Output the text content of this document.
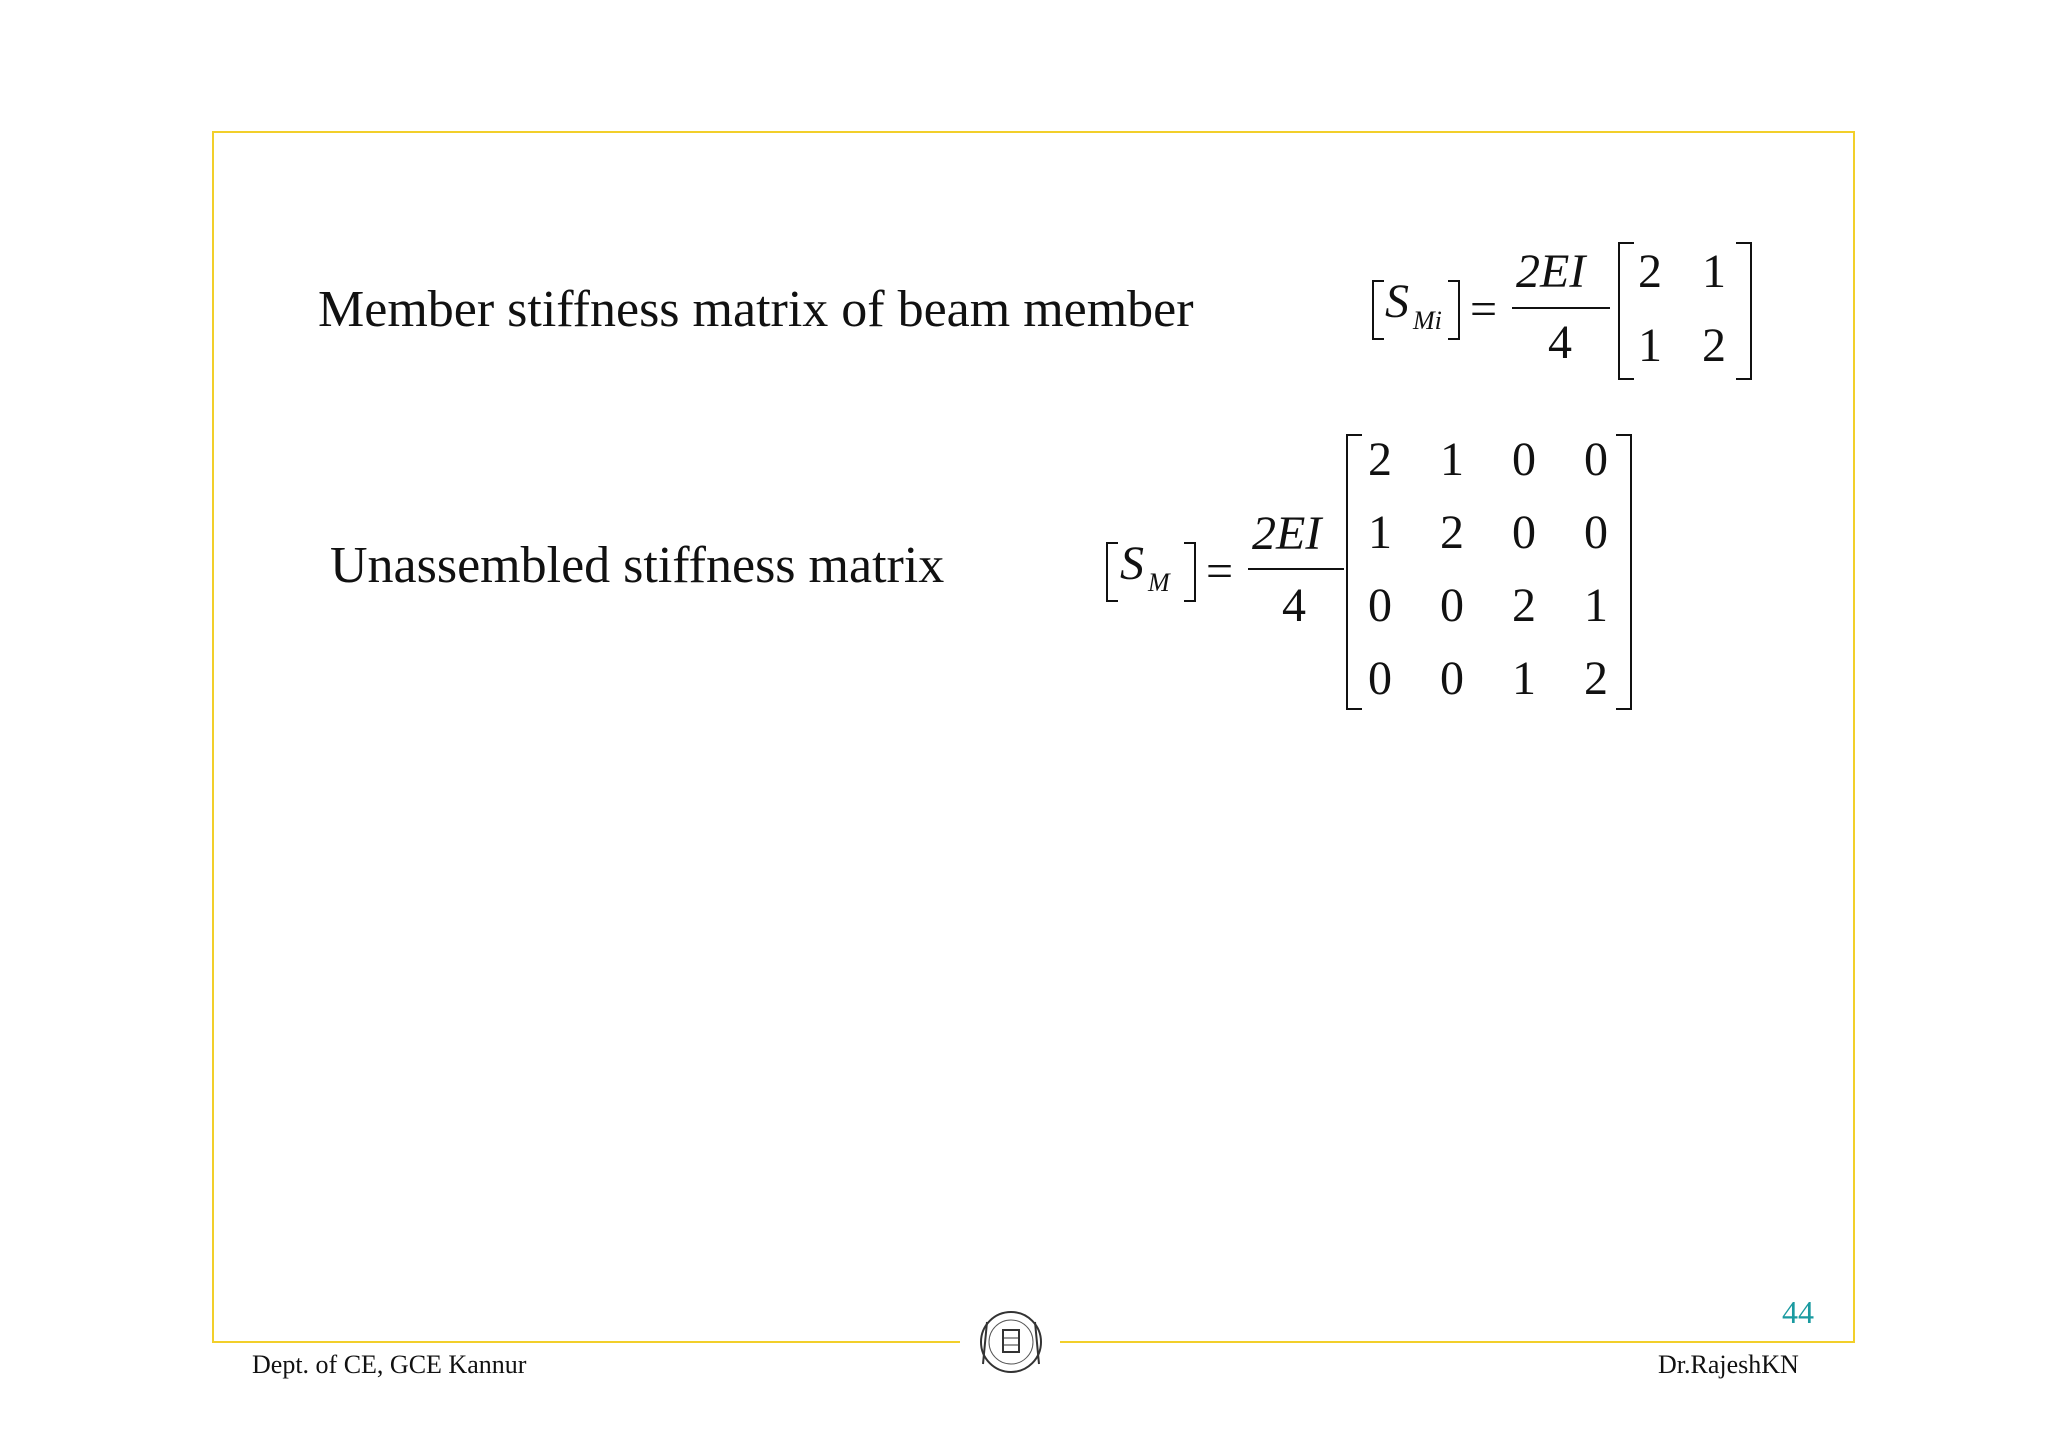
Member stiffness matrix of beam member	S Mi =
2EI
4
2 1
1 2
Unassembled stiffness matrix	S M =
2EI
4
2 1 0 0
1 2 0 0
0 0 2 1
0 0 1 2
44
Dept. of CE, GCE Kannur	Dr.RajeshKN
